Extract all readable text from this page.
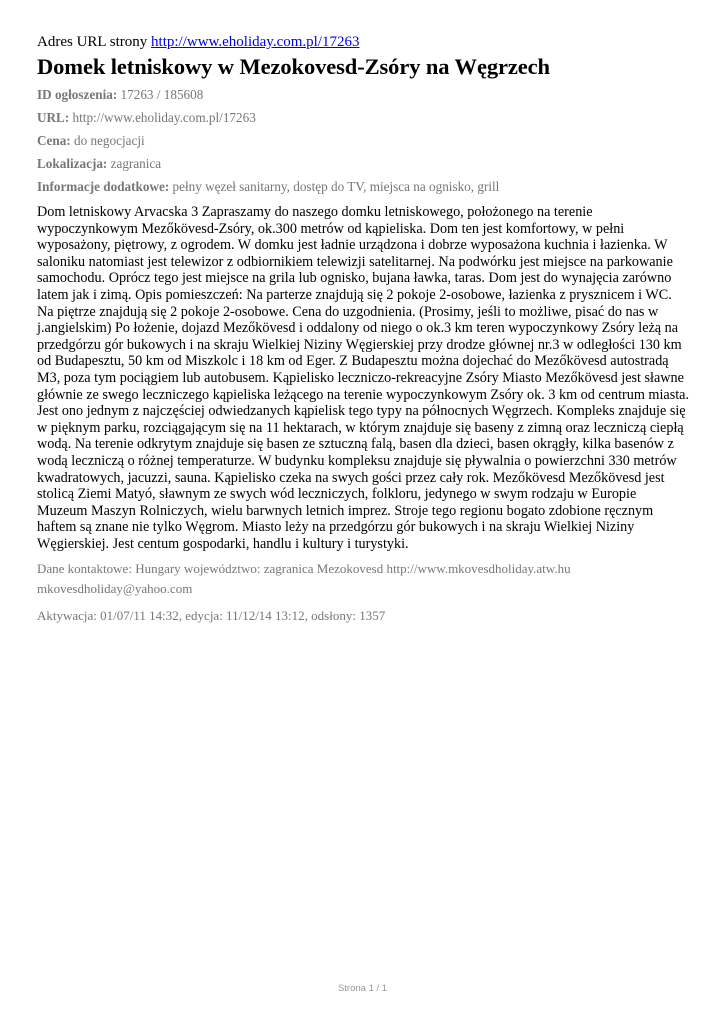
Adres URL strony http://www.eholiday.com.pl/17263

Domek letniskowy w Mezokovesd-Zsóry na Węgrzech

ID ogłoszenia: 17263 / 185608

URL: http://www.eholiday.com.pl/17263

Cena: do negocjacji

Lokalizacja: zagranica

Informacje dodatkowe: pełny węzeł sanitarny, dostęp do TV, miejsca na ognisko, grill

Dom letniskowy Arvacska 3 Zapraszamy do naszego domku letniskowego, położonego na terenie wypoczynkowym Mezőkövesd-Zsóry, ok.300 metrów od kąpieliska. Dom ten jest komfortowy, w pełni wyposażony, piętrowy, z ogrodem. W domku jest ładnie urządzona i dobrze wyposażona kuchnia i łazienka. W saloniku natomiast jest telewizor z odbiornikiem telewizji satelitarnej. Na podwórku jest miejsce na parkowanie samochodu. Oprócz tego jest miejsce na grila lub ognisko, bujana ławka, taras. Dom jest do wynajęcia zarówno latem jak i zimą. Opis pomieszczeń: Na parterze znajdują się 2 pokoje 2-osobowe, łazienka z prysznicem i WC. Na piętrze znajdują się 2 pokoje 2-osobowe. Cena do uzgodnienia. (Prosimy, jeśli to możliwe, pisać do nas w j.angielskim) Po łożenie, dojazd Mezőkövesd i oddalony od niego o ok.3 km teren wypoczynkowy Zsóry leżą na przedgórzu gór bukowych i na skraju Wielkiej Niziny Węgierskiej przy drodze głównej nr.3 w odległości 130 km od Budapesztu, 50 km od Miszkolc i 18 km od Eger. Z Budapesztu można dojechać do Mezőkövesd autostradą M3, poza tym pociągiem lub autobusem. Kąpielisko leczniczo-rekreacyjne Zsóry Miasto Mezőkövesd jest sławne głównie ze swego leczniczego kąpieliska leżącego na terenie wypoczynkowym Zsóry ok. 3 km od centrum miasta. Jest ono jednym z najczęściej odwiedzanych kąpielisk tego typy na północnych Węgrzech. Kompleks znajduje się w pięknym parku, rozciągającym się na 11 hektarach, w którym znajduje się baseny z zimną oraz leczniczą ciepłą wodą. Na terenie odkrytym znajduje się basen ze sztuczną falą, basen dla dzieci, basen okrągły, kilka basenów z wodą leczniczą o różnej temperaturze. W budynku kompleksu znajduje się pływalnia o powierzchni 330 metrów kwadratowych, jacuzzi, sauna. Kąpielisko czeka na swych gości przez cały rok. Mezőkövesd Mezőkövesd jest stolicą Ziemi Matyó, sławnym ze swych wód leczniczych, folkloru, jedynego w swym rodzaju w Europie Muzeum Maszyn Rolniczych, wielu barwnych letnich imprez. Stroje tego regionu bogato zdobione ręcznym haftem są znane nie tylko Węgrom. Miasto leży na przedgórzu gór bukowych i na skraju Wielkiej Niziny Węgierskiej. Jest centum gospodarki, handlu i kultury i turystyki.

Dane kontaktowe: Hungary województwo: zagranica Mezokovesd http://www.mkovesdholiday.atw.hu
mkovesdholiday@yahoo.com

Aktywacja: 01/07/11 14:32, edycja: 11/12/14 13:12, odsłony: 1357

Strona 1 / 1
